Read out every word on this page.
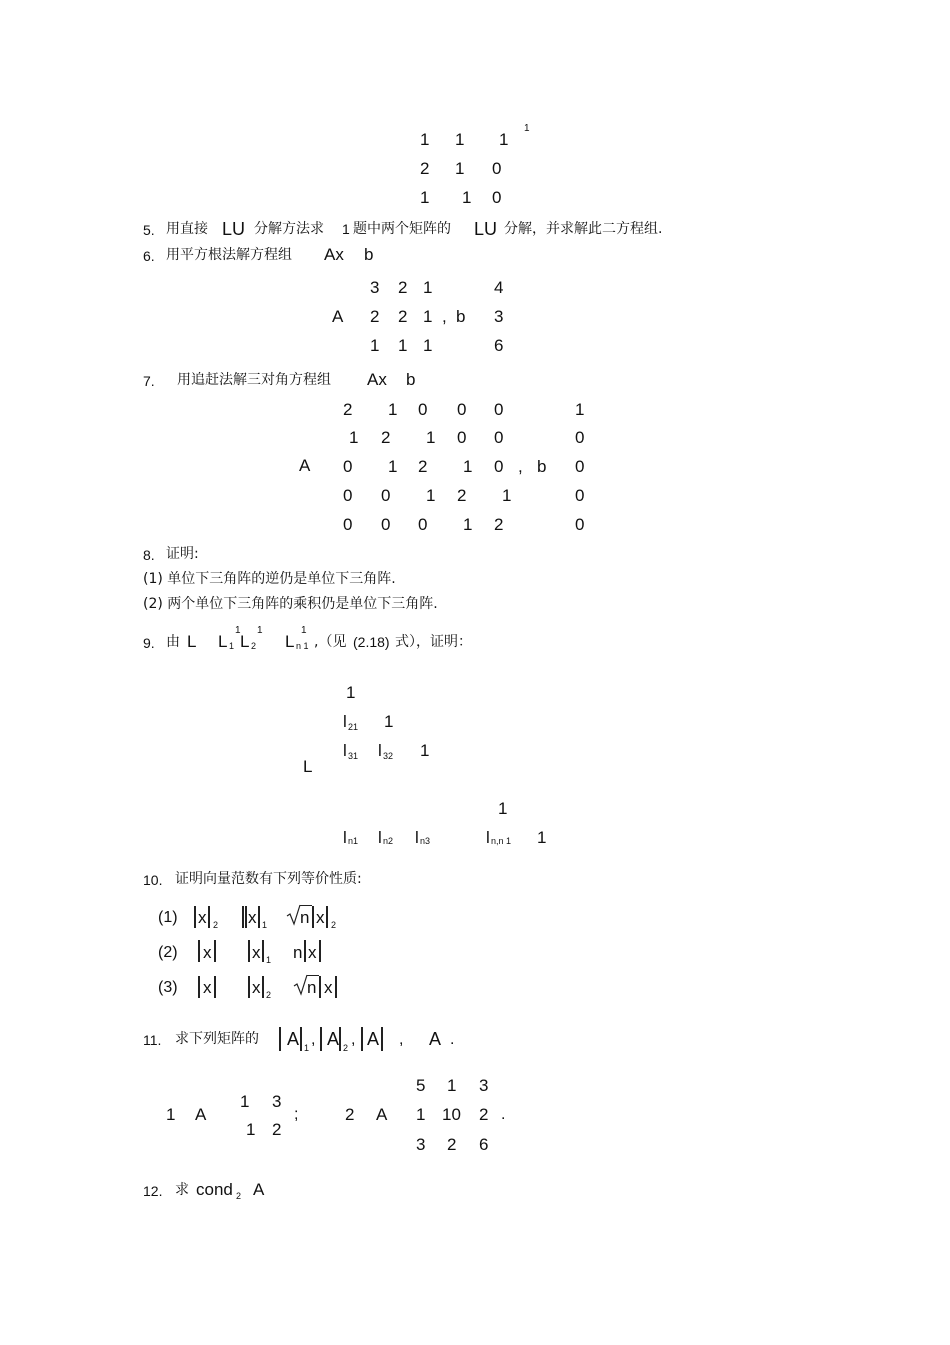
1 1 1
1
2 1 0
1 1 0
5. 用直接 LU 分解方法求 1 题中两个矩阵的 LU 分解，并求解此二方程组.
6. 用平方根法解方程组 Ax b
A
3 2 1
2 2 1
1 1 1
, b
4
3
6
7. 用追赶法解三对角方程组 Ax b
A
2 1 0 0 0
1 2 1 0 0
0 1 2 1 0
0 0 1 2 1
0 0 0 1 2
, b
1
0
0
0
0
8. 证明:
(1) 单位下三角阵的逆仍是单位下三角阵.
(2) 两个单位下三角阵的乘积仍是单位下三角阵.
9. 由 L L 1
1
L 2
1
L n 1
1
,（见 (2.18) 式），证明：
L
1
l 21 1
l 31 l 32 1
1
l n1 l n2 l n3	l n,n 1 1
10. 证明向量范数有下列等价性质:
(1) x 2 x 1 n x 2
(2) x x 1 n x
(3) x x 2 n x
11. 求下列矩阵的 A 1 , A 2 , A , A .
1 A
1 3
1 2
;	2 A
5 1 3
1 10 2
3 2 6
.
12. 求 cond 2 A
